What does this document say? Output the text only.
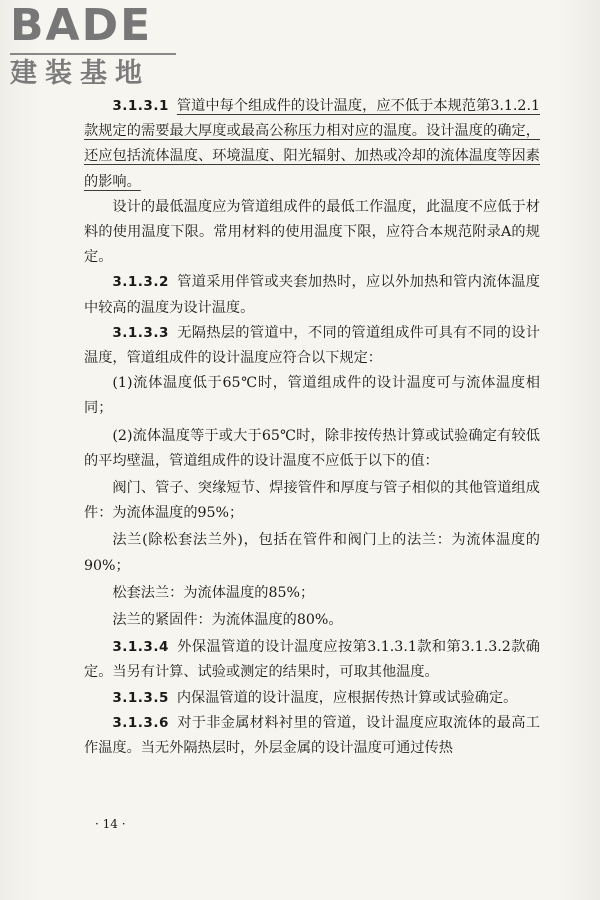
BADE
建装基地

3.1.3.1 管道中每个组成件的设计温度，应不低于本规范第3.1.2.1款规定的需要最大厚度或最高公称压力相对应的温度。设计温度的确定，还应包括流体温度、环境温度、阳光辐射、加热或冷却的流体温度等因素的影响。

设计的最低温度应为管道组成件的最低工作温度，此温度不应低于材料的使用温度下限。常用材料的使用温度下限，应符合本规范附录A的规定。

3.1.3.2 管道采用伴管或夹套加热时，应以外加热和管内流体温度中较高的温度为设计温度。

3.1.3.3 无隔热层的管道中，不同的管道组成件可具有不同的设计温度，管道组成件的设计温度应符合以下规定：

(1)流体温度低于65℃时，管道组成件的设计温度可与流体温度相同；

(2)流体温度等于或大于65℃时，除非按传热计算或试验确定有较低的平均壁温，管道组成件的设计温度不应低于以下的值：

阀门、管子、突缘短节、焊接管件和厚度与管子相似的其他管道组成件：为流体温度的95%；

法兰(除松套法兰外)，包括在管件和阀门上的法兰：为流体温度的90%；

松套法兰：为流体温度的85%；

法兰的紧固件：为流体温度的80%。

3.1.3.4 外保温管道的设计温度应按第3.1.3.1款和第3.1.3.2款确定。当另有计算、试验或测定的结果时，可取其他温度。

3.1.3.5 内保温管道的设计温度，应根据传热计算或试验确定。

3.1.3.6 对于非金属材料衬里的管道，设计温度应取流体的最高工作温度。当无外隔热层时，外层金属的设计温度可通过传热

· 14 ·
